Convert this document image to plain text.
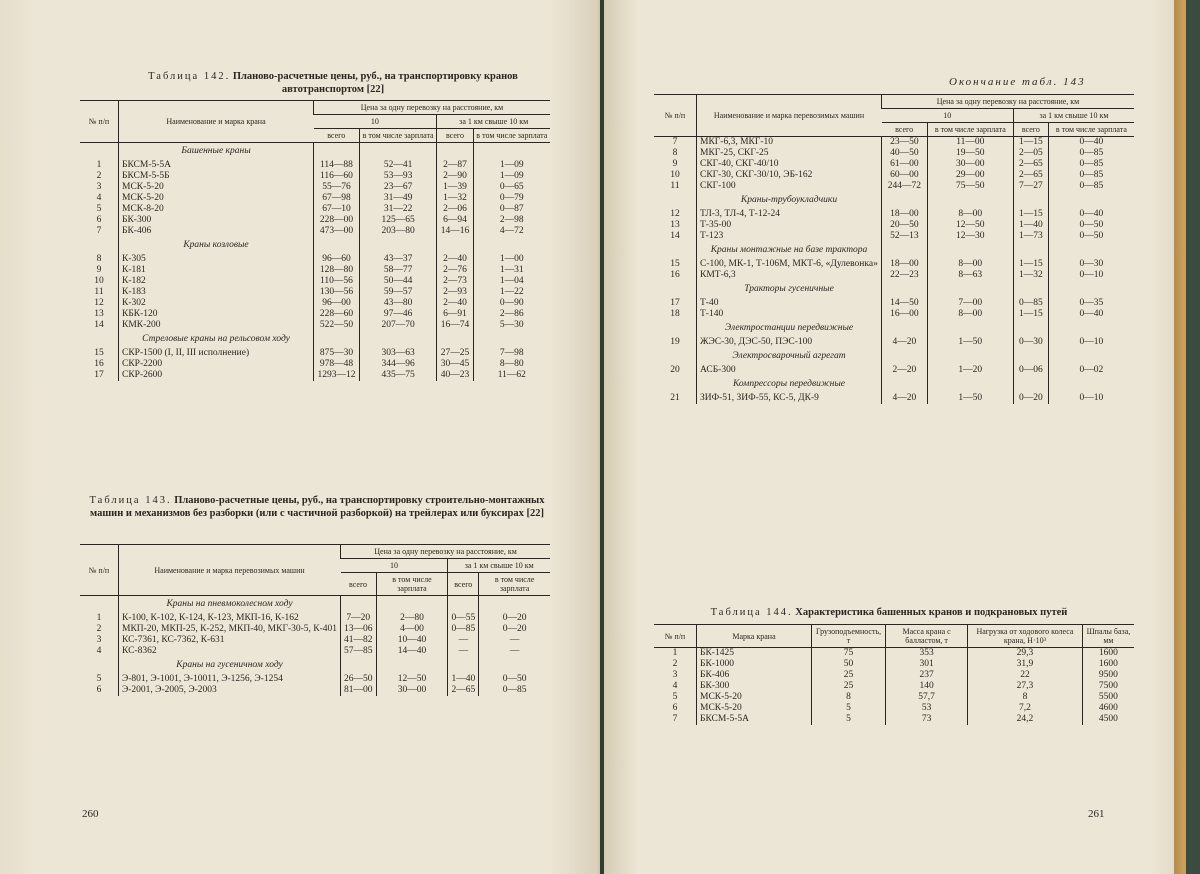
Таблица 142. Планово-расчетные цены, руб., на транспортировку кранов автотранспортом [22]
№ п/п	Наименование и марка крана	Цена за одну перевозку на расстояние, км			
		10		за 1 км свыше 10 км	
		всего	в том числе зарплата	всего	в том числе зарплата
	Башенные краны				
1	БКСМ-5-5А	114—88	52—41	2—87	1—09
2	БКСМ-5-5Б	116—60	53—93	2—90	1—09
3	МСК-5-20	55—76	23—67	1—39	0—65
4	МСК-5-20	67—98	31—49	1—32	0—79
5	МСК-8-20	67—10	31—22	2—06	0—87
6	БК-300	228—00	125—65	6—94	2—98
7	БК-406	473—00	203—80	14—16	4—72
	Краны козловые				
8	К-305	96—60	43—37	2—40	1—00
9	К-181	128—80	58—77	2—76	1—31
10	К-182	110—56	50—44	2—73	1—04
11	К-183	130—56	59—57	2—93	1—22
12	К-302	96—00	43—80	2—40	0—90
13	КБК-120	228—60	97—46	6—91	2—86
14	КМК-200	522—50	207—70	16—74	5—30
	Стреловые краны на рельсовом ходу				
15	СКР-1500 (I, II, III исполнение)	875—30	303—63	27—25	7—98
16	СКР-2200	978—48	344—96	30—45	8—80
17	СКР-2600	1293—12	435—75	40—23	11—62
Таблица 143. Планово-расчетные цены, руб., на транспортировку строительно-монтажных машин и механизмов без разборки (или с частичной разборкой) на трейлерах или буксирах [22]
№ п/п	Наименование и марка перевозимых машин	Цена за одну перевозку на расстояние, км			
		10		за 1 км свыше 10 км	
		всего	в том числе зарплата	всего	в том числе зарплата
	Краны на пневмоколесном ходу				
1	К-100, К-102, К-124, К-123, МКП-16, К-162	7—20	2—80	0—55	0—20
2	МКП-20, МКП-25, К-252, МКП-40, МКГ-30-5, К-401	13—06	4—00	0—85	0—20
3	КС-7361, КС-7362, К-631	41—82	10—40	—	—
4	КС-8362	57—85	14—40	—	—
	Краны на гусеничном ходу				
5	Э-801, Э-1001, Э-10011, Э-1256, Э-1254	26—50	12—50	1—40	0—50
6	Э-2001, Э-2005, Э-2003	81—00	30—00	2—65	0—85
260
Окончание табл. 143
№ п/п	Наименование и марка перевозимых машин	Цена за одну перевозку на расстояние, км			
		10		за 1 км свыше 10 км	
		всего	в том числе зарплата	всего	в том числе зарплата
7	МКГ-6,3, МКГ-10	23—50	11—00	1—15	0—40
8	МКГ-25, СКГ-25	40—50	19—50	2—05	0—85
9	СКГ-40, СКГ-40/10	61—00	30—00	2—65	0—85
10	СКГ-30, СКГ-30/10, ЭБ-162	60—00	29—00	2—65	0—85
11	СКГ-100	244—72	75—50	7—27	0—85
	Краны-трубоукладчики				
12	ТЛ-3, ТЛ-4, Т-12-24	18—00	8—00	1—15	0—40
13	Т-35-00	20—50	12—50	1—40	0—50
14	Т-123	52—13	12—30	1—73	0—50
	Краны монтажные на базе трактора				
15	С-100, МК-1, Т-106М, МКТ-6, «Дулевонка»	18—00	8—00	1—15	0—30
16	КМТ-6,3	22—23	8—63	1—32	0—10
	Тракторы гусеничные				
17	Т-40	14—50	7—00	0—85	0—35
18	Т-140	16—00	8—00	1—15	0—40
	Электростанции передвижные				
19	ЖЭС-30, ДЭС-50, ПЭС-100	4—20	1—50	0—30	0—10
	Электросварочный агрегат				
20	АСБ-300	2—20	1—20	0—06	0—02
	Компрессоры передвижные				
21	ЗИФ-51, ЗИФ-55, КС-5, ДК-9	4—20	1—50	0—20	0—10
Таблица 144. Характеристика башенных кранов и подкрановых путей
№ п/п	Марка крана	Грузоподъемность, т	Масса крана с балластом, т	Нагрузка от ходового колеса крана, Н·10³	Шпалы база, мм
1	БК-1425	75	353	29,3	1600
2	БК-1000	50	301	31,9	1600
3	БК-406	25	237	22	9500
4	БК-300	25	140	27,3	7500
5	МСК-5-20	8	57,7	8	5500
6	МСК-5-20	5	53	7,2	4600
7	БКСМ-5-5А	5	73	24,2	4500
261
